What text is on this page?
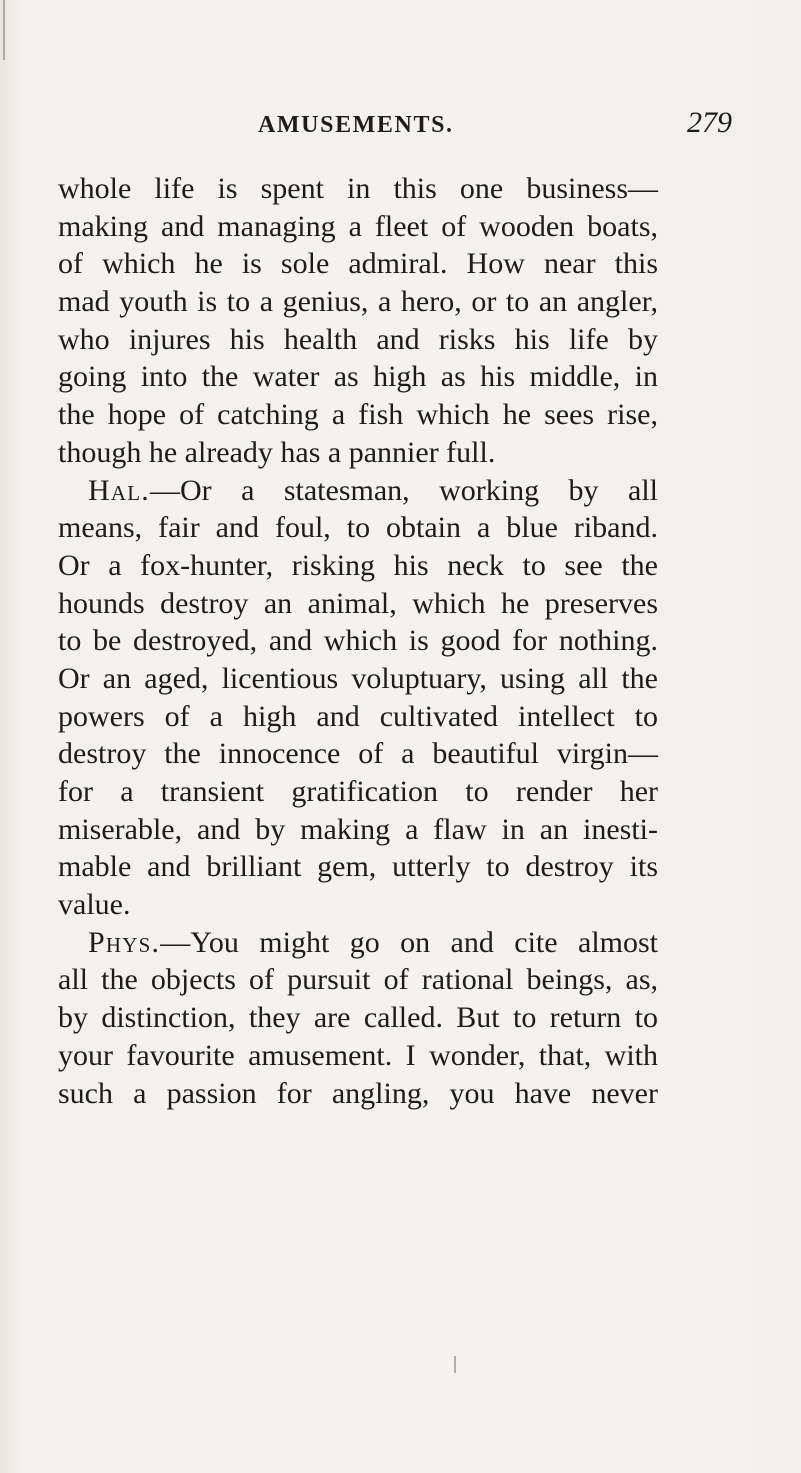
AMUSEMENTS.	279
whole life is spent in this one business—
making and managing a fleet of wooden boats,
of which he is sole admiral. How near this
mad youth is to a genius, a hero, or to an angler,
who injures his health and risks his life by
going into the water as high as his middle, in
the hope of catching a fish which he sees rise,
though he already has a pannier full.
Hal.—Or a statesman, working by all
means, fair and foul, to obtain a blue riband.
Or a fox-hunter, risking his neck to see the
hounds destroy an animal, which he preserves
to be destroyed, and which is good for nothing.
Or an aged, licentious voluptuary, using all the
powers of a high and cultivated intellect to
destroy the innocence of a beautiful virgin—
for a transient gratification to render her
miserable, and by making a flaw in an inesti-
mable and brilliant gem, utterly to destroy its
value.
Phys.—You might go on and cite almost
all the objects of pursuit of rational beings, as,
by distinction, they are called. But to return to
your favourite amusement. I wonder, that, with
such a passion for angling, you have never
